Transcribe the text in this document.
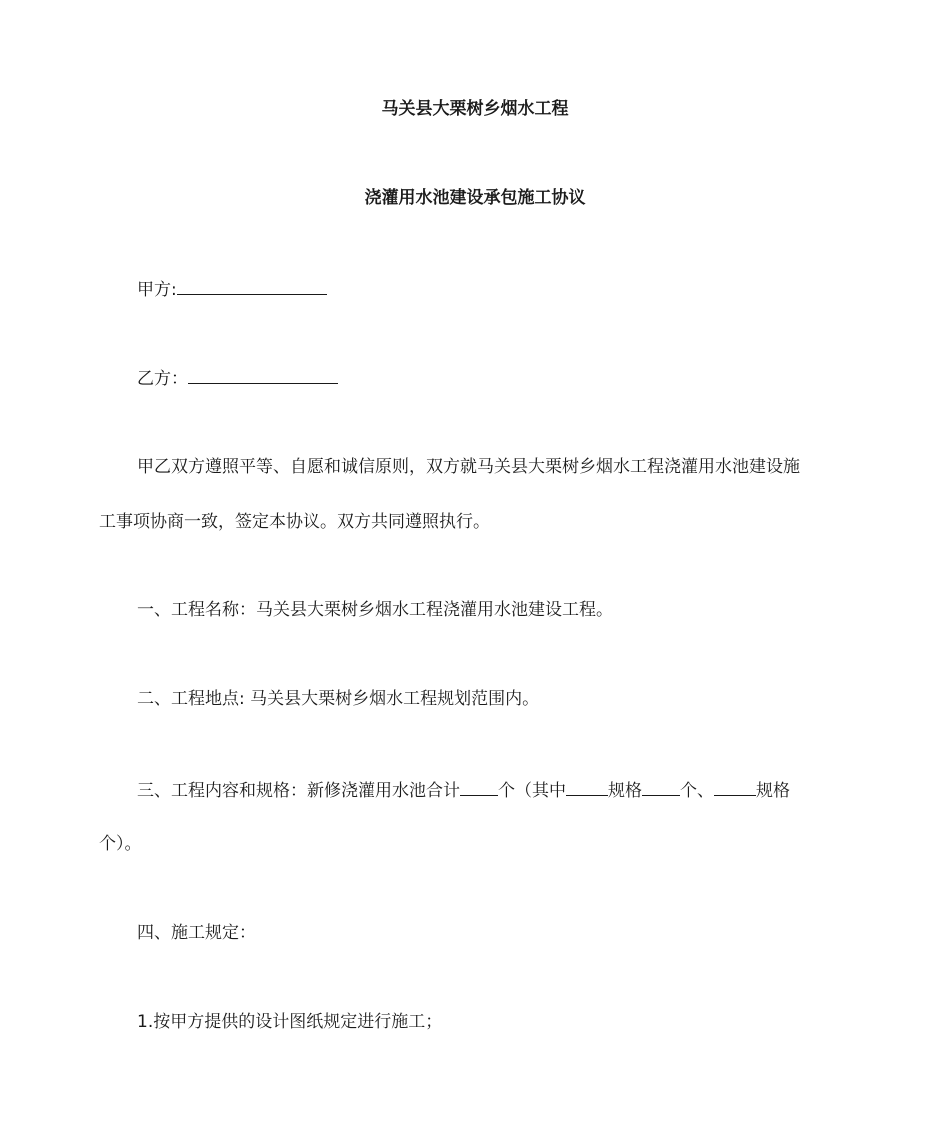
马关县大栗树乡烟水工程
浇灌用水池建设承包施工协议
甲方:
乙方：
甲乙双方遵照平等、自愿和诚信原则，双方就马关县大栗树乡烟水工程浇灌用水池建设施
工事项协商一致，签定本协议。双方共同遵照执行。
一、工程名称：马关县大栗树乡烟水工程浇灌用水池建设工程。
二、工程地点: 马关县大栗树乡烟水工程规划范围内。
三、工程内容和规格：新修浇灌用水池合计 个（其中 规格 个、 规格
个）。
四、施工规定：
1.按甲方提供的设计图纸规定进行施工；
